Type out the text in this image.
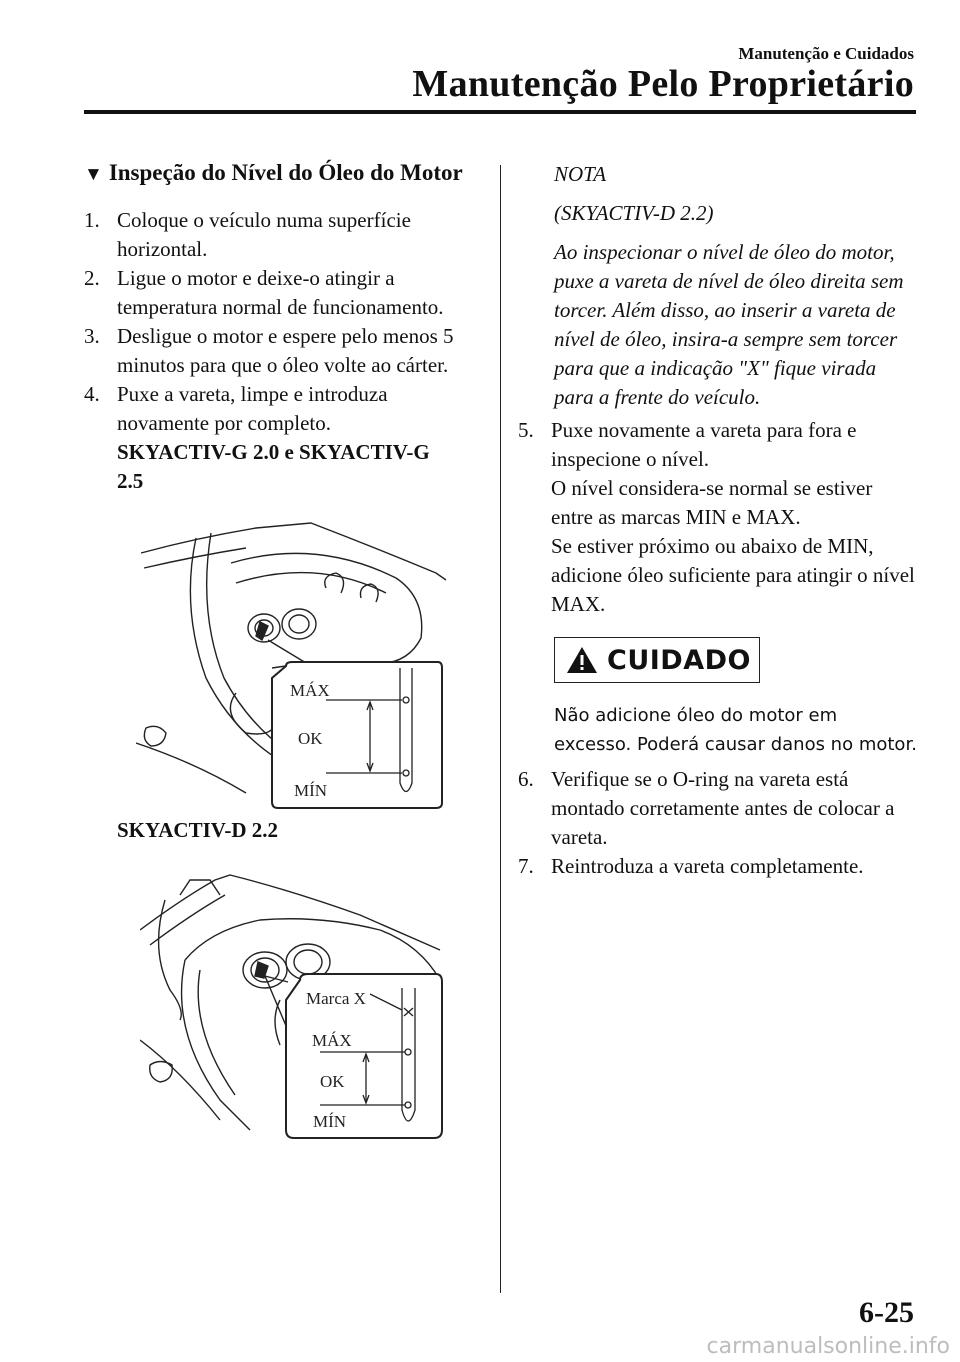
Manutenção e Cuidados
Manutenção Pelo Proprietário
▼ Inspeção do Nível do Óleo do Motor
1. Coloque o veículo numa superfície horizontal.
2. Ligue o motor e deixe-o atingir a temperatura normal de funcionamento.
3. Desligue o motor e espere pelo menos 5 minutos para que o óleo volte ao cárter.
4. Puxe a vareta, limpe e introduza novamente por completo.
SKYACTIV-G 2.0 e SKYACTIV-G 2.5
MÁX
OK
MÍN
SKYACTIV-D 2.2
Marca X
MÁX
OK
MÍN

NOTA

(SKYACTIV-D 2.2)

Ao inspecionar o nível de óleo do motor, puxe a vareta de nível de óleo direita sem torcer. Além disso, ao inserir a vareta de nível de óleo, insira-a sempre sem torcer para que a indicação "X" fique virada para a frente do veículo.

5. Puxe novamente a vareta para fora e inspecione o nível.
O nível considera-se normal se estiver entre as marcas MIN e MAX.
Se estiver próximo ou abaixo de MIN, adicione óleo suficiente para atingir o nível MAX.
CUIDADO
Não adicione óleo do motor em excesso. Poderá causar danos no motor.
6. Verifique se o O-ring na vareta está montado corretamente antes de colocar a vareta.
7. Reintroduza a vareta completamente.
6-25
carmanualsonline.info
